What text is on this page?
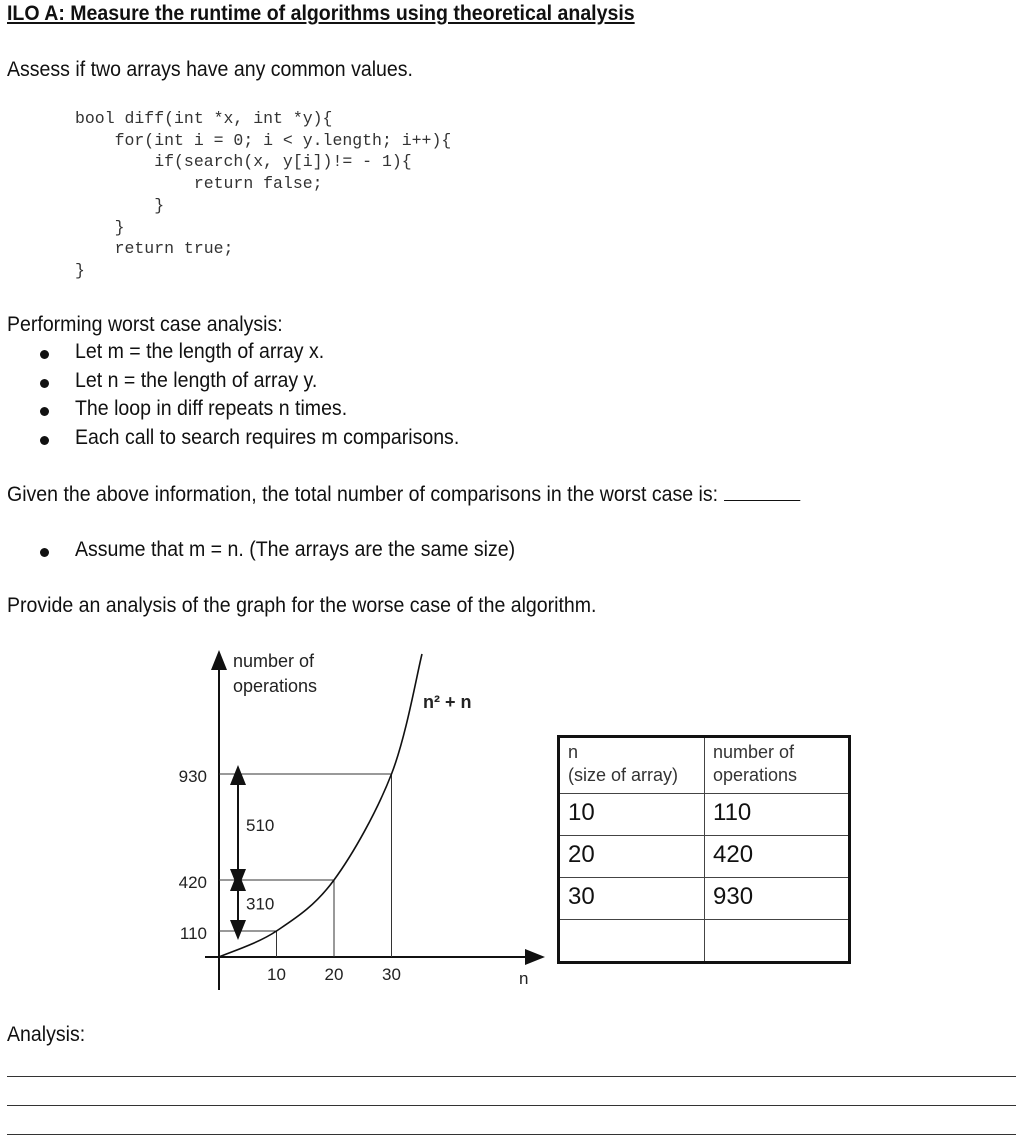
ILO A: Measure the runtime of algorithms using theoretical analysis
Assess if two arrays have any common values.
bool diff(int *x, int *y){
for(int i = 0; i < y.length; i++){
if(search(x, y[i])!= - 1){
return false;
}
}
return true;
}
Performing worst case analysis:
Let m = the length of array x.
Let n = the length of array y.
The loop in diff repeats n times.
Each call to search requires m comparisons.
Given the above information, the total number of comparisons in the worst case is:
Assume that m = n. (The arrays are the same size)
Provide an analysis of the graph for the worse case of the algorithm.
310
510
number of
operations
n² + n
n
10
110
20
420
30
930
n
(size of array)	number of
operations
10	110
20	420
30	930

Analysis:
